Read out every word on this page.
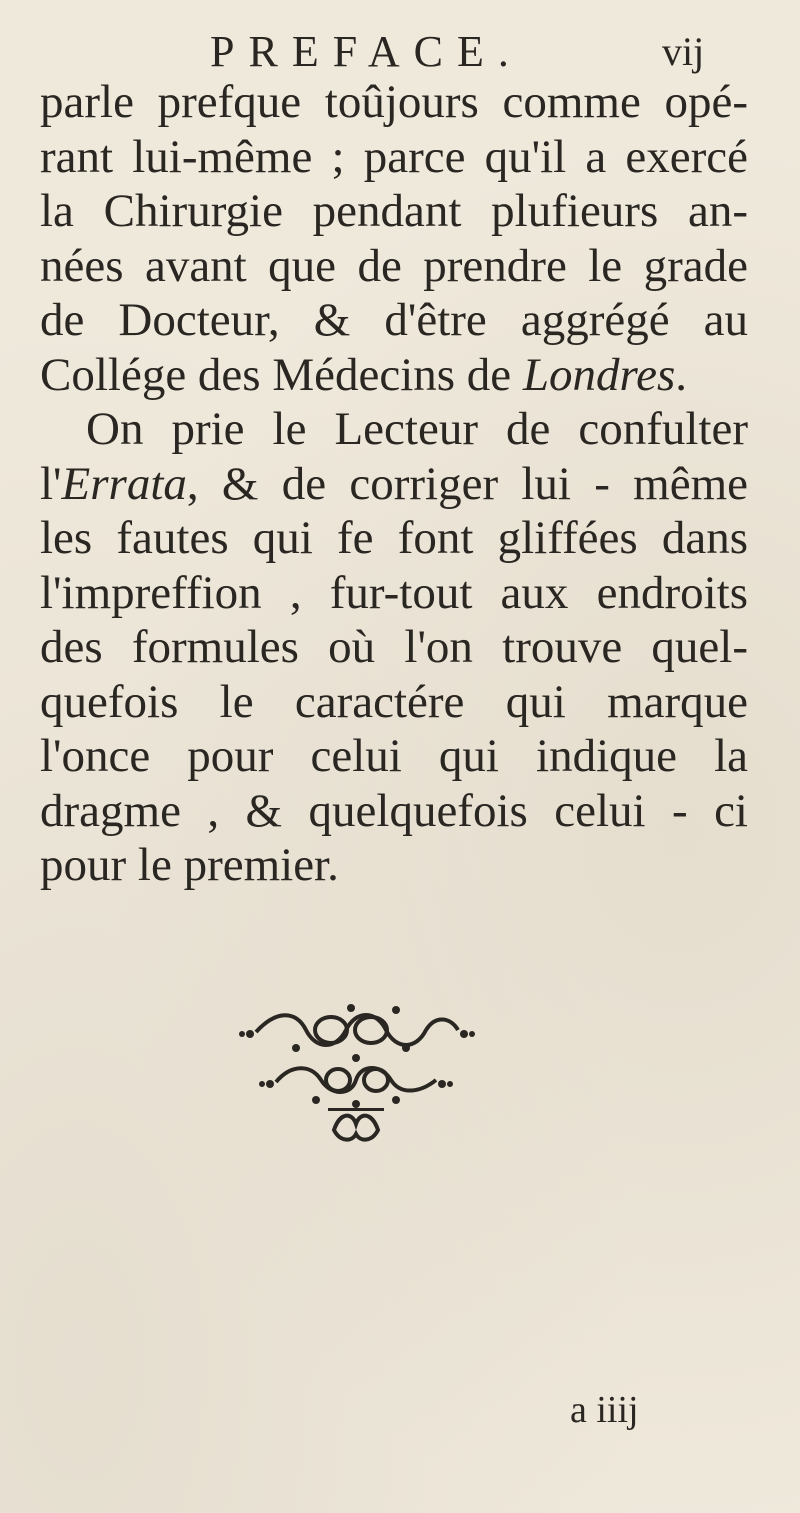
PREFACE.	vij
parle prefque toûjours comme opé-
rant lui-même ; parce qu'il a exercé
la Chirurgie pendant plufieurs an-
nées avant que de prendre le grade
de Docteur, & d'être aggrégé au
Collége des Médecins de Londres.
On prie le Lecteur de confulter
l'Errata, & de corriger lui - même
les fautes qui fe font gliffées dans
l'impreffion , fur-tout aux endroits
des formules où l'on trouve quel-
quefois le caractére qui marque
l'once pour celui qui indique la
dragme , & quelquefois celui - ci
pour le premier.
a iiij
